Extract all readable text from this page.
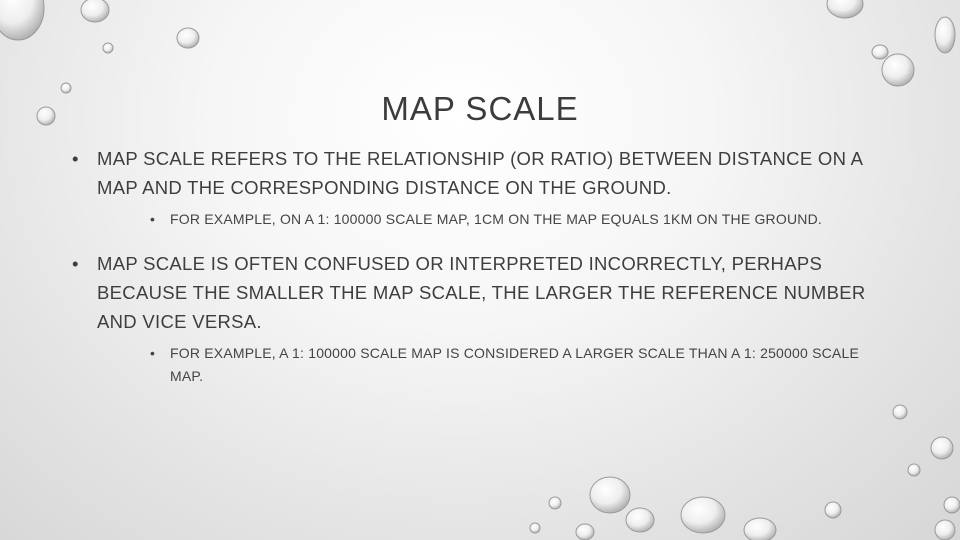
MAP SCALE
• MAP SCALE REFERS TO THE RELATIONSHIP (OR RATIO) BETWEEN DISTANCE ON A MAP AND THE CORRESPONDING DISTANCE ON THE GROUND.
• FOR EXAMPLE, ON A 1: 100000 SCALE MAP, 1CM ON THE MAP EQUALS 1KM ON THE GROUND.
• MAP SCALE IS OFTEN CONFUSED OR INTERPRETED INCORRECTLY, PERHAPS BECAUSE THE SMALLER THE MAP SCALE, THE LARGER THE REFERENCE NUMBER AND VICE VERSA.
• FOR EXAMPLE, A 1: 100000 SCALE MAP IS CONSIDERED A LARGER SCALE THAN A 1: 250000 SCALE MAP.
